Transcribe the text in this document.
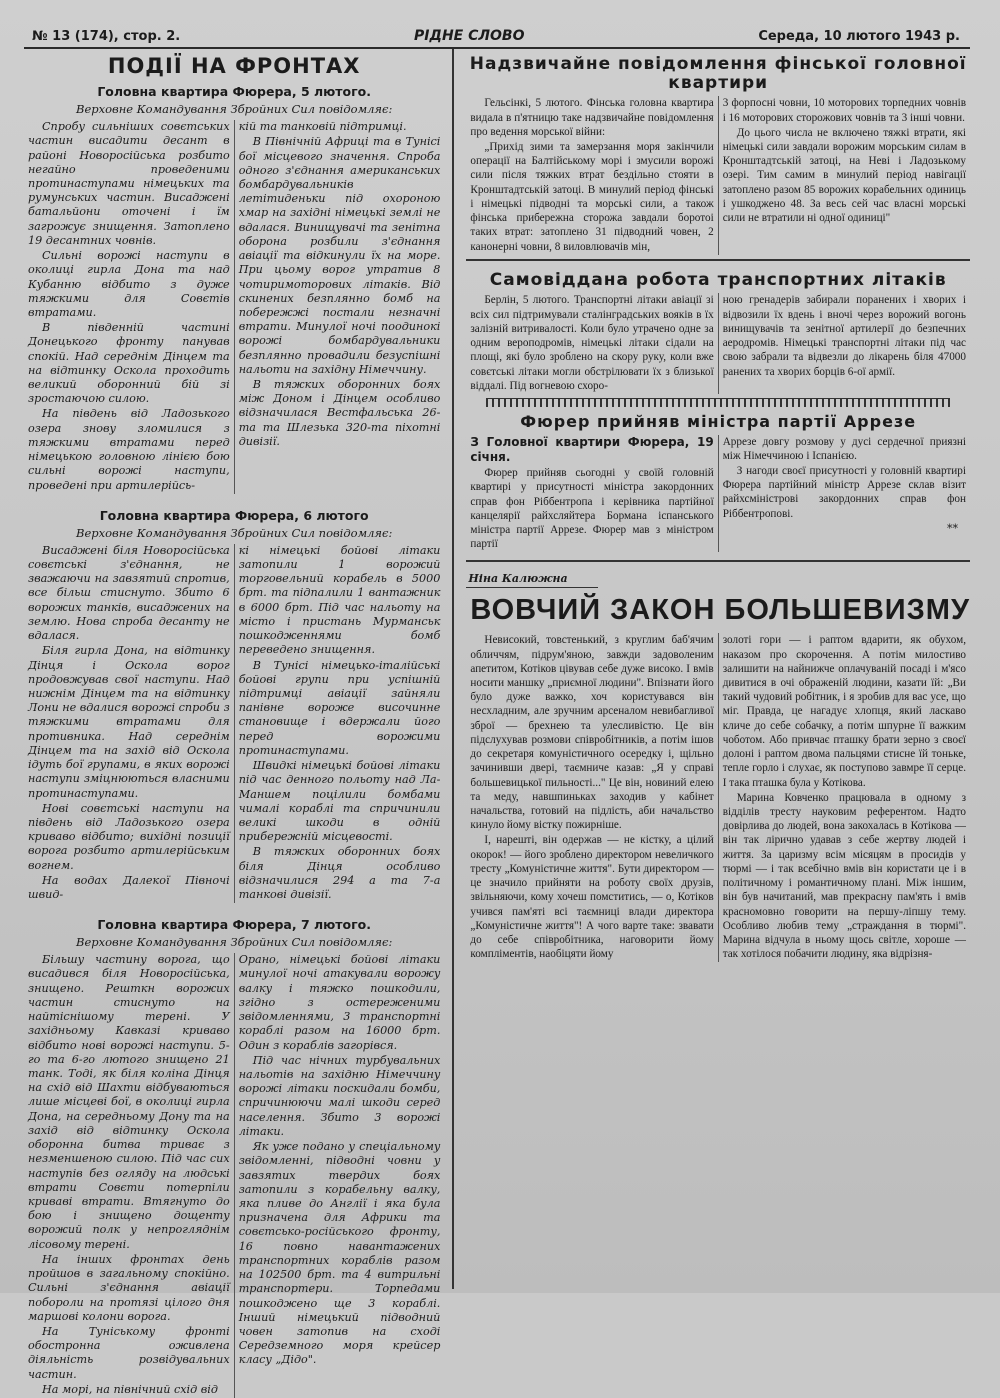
№ 13 (174), стор. 2.	РІДНЕ СЛОВО	Середа, 10 лютого 1943 р.
ПОДІЇ НА ФРОНТАХ
Головна квартира Фюрера, 5 лютого.
Верховне Командування Збройних Сил повідомляє:

Спробу сильніших совєтських частин висадити десант в районі Новоросійська розбито негайно проведеними протинаступами німецьких та румунських частин. Висаджені батальйони оточені і їм загрожує знищення. Затоплено 19 десантних човнів.

Сильні ворожі наступи в околиці гирла Дона та над Кубанню відбито з дуже тяжкими для Совєтів втратами.

В південній частині Донецького фронту панував спокій. Над середнім Дінцем та на відтинку Оскола проходить великий оборонний бій зі зростаючою силою.

На південь від Ладозького озера знову зломилися з тяжкими втратами перед німецькою головною лінією бою сильні ворожі наступи, проведені при артилерійсь-

кій та танковій підтримці.

В Північній Африці та в Тунісі бої місцевого значення. Спроба одного з'єднання американських бомбардувальників летітиденьки під охороною хмар на західні німецькі землі не вдалася. Винищувачі та зенітна оборона розбили з'єднання авіації та відкинули їх на море. При цьому ворог утратив 8 чотиримоторових літаків. Від скинених безплянно бомб на побережжі постали незначні втрати. Минулої ночі поодинокі ворожі бомбардувальники безплянно провадили безуспішні нальоти на західну Німеччину.

В тяжких оборонних боях між Доном і Дінцем особливо відзначилася Вестфальська 26-та та Шлезька 320-та піхотні дивізії.

Головна квартира Фюрера, 6 лютого
Верховне Командування Збройних Сил повідомляє:

Висаджені біля Новоросійська совєтські з'єднання, не зважаючи на завзятий спротив, все більш стиснуто. Збито 6 ворожих танків, висаджених на землю. Нова спроба десанту не вдалася.

Біля гирла Дона, на відтинку Дінця і Оскола ворог продовжував свої наступи. Над нижнім Дінцем та на відтинку Лони не вдалися ворожі спроби з тяжкими втратами для противника. Над середнім Дінцем та на захід від Оскола ідуть бої групами, в яких ворожі наступи зміцнюються власними протинаступами.

Нові совєтські наступи на південь від Ладозького озера криваво відбито; вихідні позиції ворога розбито артилерійським вогнем.

На водах Далекої Півночі швид-

кі німецькі бойові літаки затопили 1 ворожий торговельний корабель в 5000 брт. та підпалили 1 вантажник в 6000 брт. Під час нальоту на місто і пристань Мурманськ пошкодженнями бомб переведено знищення.

В Тунісі німецько-італійські бойові групи при успішній підтримці авіації зайняли панівне вороже височинне становище і вдержали його перед ворожими протинаступами.

Швидкі німецькі бойові літаки під час денного польоту над Ла-Маншем поцілили бомбами чималі кораблі та спричинили великі шкоди в одній прибережній місцевості.

В тяжких оборонних боях біля Дінця особливо відзначилися 294 а та 7-а танкові дивізії.

Головна квартира Фюрера, 7 лютого.
Верховне Командування Збройних Сил повідомляє:

Більшу частину ворога, що висадився біля Новоросійська, знищено. Решткн ворожих частин стиснуто на найтіснішому терені. У західньому Кавказі криваво відбито нові ворожі наступи. 5-го та 6-го лютого знищено 21 танк. Тоді, як біля коліна Дінця на схід від Шахти відбуваються лише місцеві бої, в околиці гирла Дона, на середньому Дону та на захід від відтинку Оскола оборонна битва триває з незменшеною силою. Під час сих наступів без огляду на людські втрати Совєти потерпіли криваві втрати. Втягнуто до бою і знищено дощенту ворожий полк у непрогляднім лісовому терені.

На інших фронтах день пройшов в загальному спокійно. Сильні з'єднання авіації побороли на протязі цілого дня маршові колони ворога.

На Туніському фронті обостронна оживлена діяльність розвідувальних частин.

На морі, на північний схід від

Орано, німецькі бойові літаки минулої ночі атакували ворожу валку і тяжко пошкодили, згідно з остереженими звідомленнями, 3 транспортні кораблі разом на 16000 брт. Один з кораблів загорівся.

Під час нічних турбувальних нальотів на західню Німеччину ворожі літаки поскидали бомби, спричинюючи малі шкоди серед населення. Збито 3 ворожі літаки.

Як уже подано у спеціальному звідомленні, підводні човни у завзятих твердих боях затопили з корабельну валку, яка пливе до Англії і яка була призначена для Африки та совєтсько-російського фронту, 16 повно навантажених транспортних кораблів разом на 102500 брт. та 4 витрильні транспортери. Торпедами пошкоджено ще 3 кораблі. Інший німецький підводний човен затопив на сході Середземного моря крейсер класу „Дідо".

Надзвичайне повідомлення фінської головної квартири

Гельсінкі, 5 лютого. Фінська головна квартира видала в п'ятницю таке надзвичайне повідомлення про ведення морської війни:

„Прихід зими та замерзання моря закінчили операції на Балтійському морі і змусили ворожі сили після тяжких втрат бездільно стояти в Кронштадтській затоці. В минулий період фінські і німецькі підводні та морські сили, а також фінська прибережна сторожа завдали боротоі таких втрат: затоплено 31 підводний човен, 2 канонерні човни, 8 виловлювачів мін,

3 форпосні човни, 10 моторових торпедних човнів і 16 моторових сторожових човнів та 3 інші човни.

До цього числа не включено тяжкі втрати, які німецькі сили завдали ворожим морським силам в Кронштадтській затоці, на Неві і Ладозькому озері. Тим самим в минулий період навігації затоплено разом 85 ворожих корабельних одиниць і ушкоджено 48. За весь сей час власні морські сили не втратили ні одної одиниці"

Самовіддана робота транспортних літаків

Берлін, 5 лютого. Транспортні літаки авіації зі всіх сил підтримували сталінградських вояків в їх залізній витривалості. Коли було утрачено одне за одним вероподромів, німецькі літаки сідали на площі, які було зроблено на скору руку, коли вже совєтські літаки могли обстрілювати їх з близької віддалі. Під вогневою схоро-

ною гренадерів забирали поранених і хворих і відвозили їх вдень і вночі через ворожий вогонь винищувачів та зенітної артилерії до безпечних аеродромів. Німецькі транспортні літаки під час свою забрали та відвезли до лікарень біля 47000 ранених та хворих борців 6-ої армії.

Фюрер прийняв міністра партії Аррезе

З Головної квартири Фюрера, 19 січня.

Фюрер прийняв сьогодні у своїй головній квартирі у присутності міністра закордонних справ фон Ріббентропа і керівника партійної канцелярії райхсляйтера Бормана іспанського міністра партії Аррезе. Фюрер мав з міністром партії

Аррезе довгу розмову у дусі сердечної приязні між Німеччиною і Іспанією.

З нагоди своєї присутності у головній квартирі Фюрера партійний міністр Аррезе склав візит райхсміністрові закордонних справ фон Ріббентропові.

**
Ніна Калюжна
ВОВЧИЙ ЗАКОН БОЛЬШЕВИЗМУ

Невисокий, товстенький, з круглим баб'ячим обличчям, підрум'яною, завжди задоволеним апетитом, Котіков цівував себе дуже високо. І вмів носити маншку „приємної людини". Впізнати його було дуже важко, хоч користувався він несхладним, але зручним арсеналом невибагливої зброї — брехнею та улесливістю. Це він підслухував розмови співробітників, а потім ішов до секретаря комуністичного осередку і, щільно зачинивши двері, таємниче казав: „Я у справі большевицької пильності..." Це він, новиний елею та меду, навшпиньках заходив у кабінет начальства, готовий на підлість, аби начальство кинуло йому вістку пожирніше.

І, нарешті, він одержав — не кістку, а цілий окорок! — його зроблено директором невеличкого тресту „Комуністичне життя". Бути директором — це значило прийняти на роботу своїх друзів, звільняючи, кому хочеш помститись, — о, Котіков учився пам'яті всі таємниці влади директора „Комуністичне життя"! А чого варте таке: звавати до себе співробітника, наговорити йому компліментів, наобіцяти йому

золоті гори — і раптом вдарити, як обухом, наказом про скорочення. А потім милостиво залишити на найнижче оплачуваній посаді і м'ясо дивитися в очі ображеній людини, казати їй: „Ви такий чудовий робітник, і я зробив для вас усе, що міг. Правда, це нагадує хлопця, який ласкаво кличе до себе собачку, а потім шпурне її важким чоботом. Або привчає пташку брати зерно з своєї долоні і раптом двома пальцями стисне їй тоньке, тепле горло і слухає, як поступово завмре її серце. І така пташка була у Котікова.

Марина Ковченко працювала в одному з відділів тресту науковим референтом. Надто довірлива до людей, вона закохалась в Котікова — він так лірично удавав з себе жертву людей і життя. За царизму всім місяцям в просидів у тюрмі — і так всебічно вмів він користати це і в політичному і романтичному плані. Між іншим, він був начитаний, мав прекрасну пам'ять і вмів красномовно говорити на першу-ліпшу тему. Особливо любив тему „страждання в тюрмі". Марина відчула в ньому щось світле, хороше — так хотілося побачити людину, яка відрізня-
